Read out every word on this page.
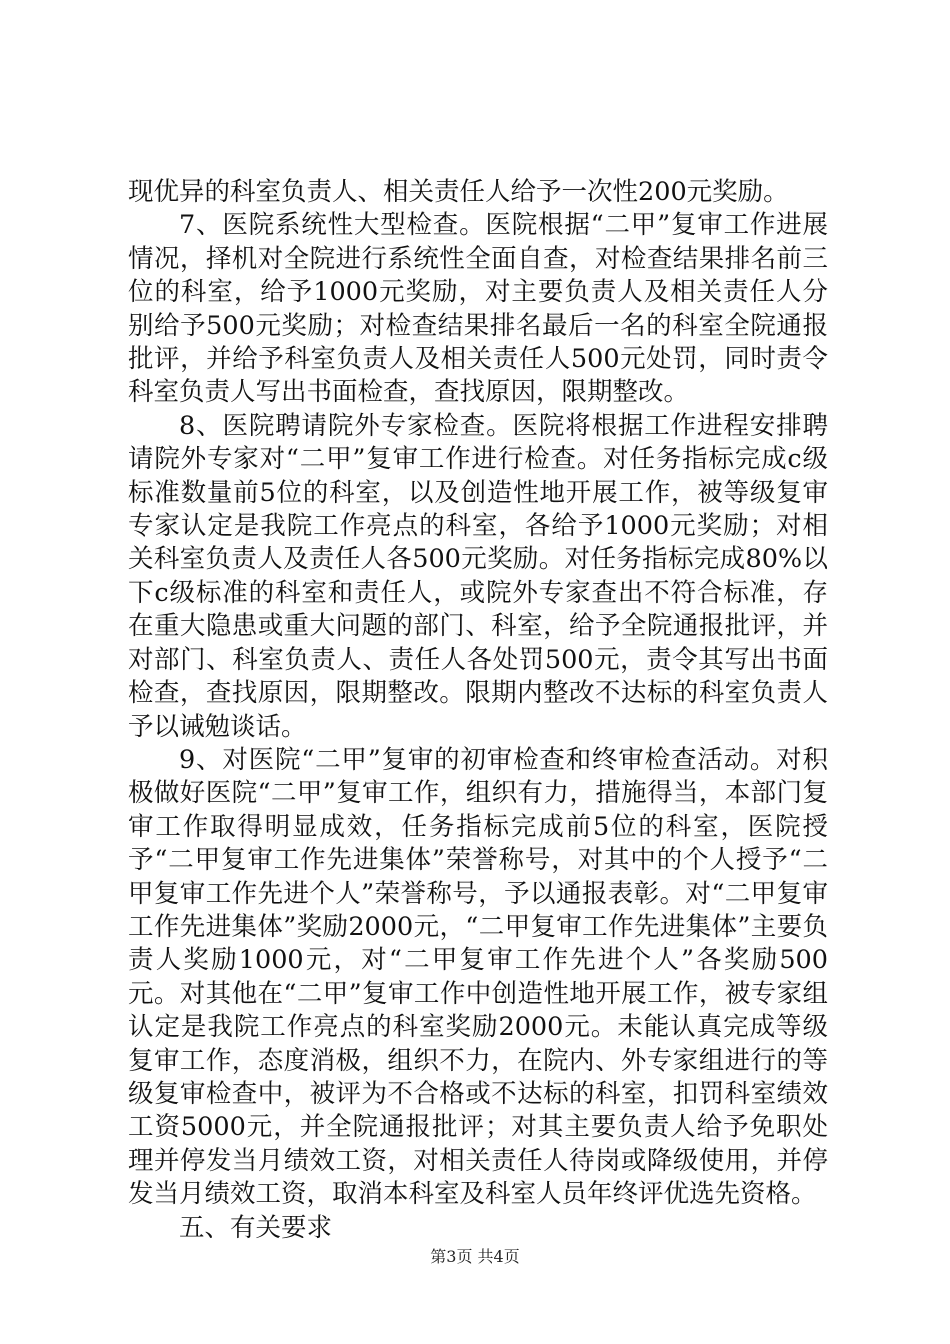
现优异的科室负责人、相关责任人给予一次性200元奖励。

7、医院系统性大型检查。医院根据“二甲”复审工作进展情况，择机对全院进行系统性全面自查，对检查结果排名前三位的科室，给予1000元奖励，对主要负责人及相关责任人分别给予500元奖励；对检查结果排名最后一名的科室全院通报批评，并给予科室负责人及相关责任人500元处罚，同时责令科室负责人写出书面检查，查找原因，限期整改。

8、医院聘请院外专家检查。医院将根据工作进程安排聘请院外专家对“二甲”复审工作进行检查。对任务指标完成c级标准数量前5位的科室，以及创造性地开展工作，被等级复审专家认定是我院工作亮点的科室，各给予1000元奖励；对相关科室负责人及责任人各500元奖励。对任务指标完成80%以下c级标准的科室和责任人，或院外专家查出不符合标准，存在重大隐患或重大问题的部门、科室，给予全院通报批评，并对部门、科室负责人、责任人各处罚500元，责令其写出书面检查，查找原因，限期整改。限期内整改不达标的科室负责人予以诫勉谈话。

9、对医院“二甲”复审的初审检查和终审检查活动。对积极做好医院“二甲”复审工作，组织有力，措施得当，本部门复审工作取得明显成效，任务指标完成前5位的科室，医院授予“二甲复审工作先进集体”荣誉称号，对其中的个人授予“二甲复审工作先进个人”荣誉称号，予以通报表彰。对“二甲复审工作先进集体”奖励2000元，“二甲复审工作先进集体”主要负责人奖励1000元，对“二甲复审工作先进个人”各奖励500元。对其他在“二甲”复审工作中创造性地开展工作，被专家组认定是我院工作亮点的科室奖励2000元。未能认真完成等级复审工作，态度消极，组织不力，在院内、外专家组进行的等级复审检查中，被评为不合格或不达标的科室，扣罚科室绩效工资5000元，并全院通报批评；对其主要负责人给予免职处理并停发当月绩效工资，对相关责任人待岗或降级使用，并停发当月绩效工资，取消本科室及科室人员年终评优选先资格。

五、有关要求

第3页 共4页
